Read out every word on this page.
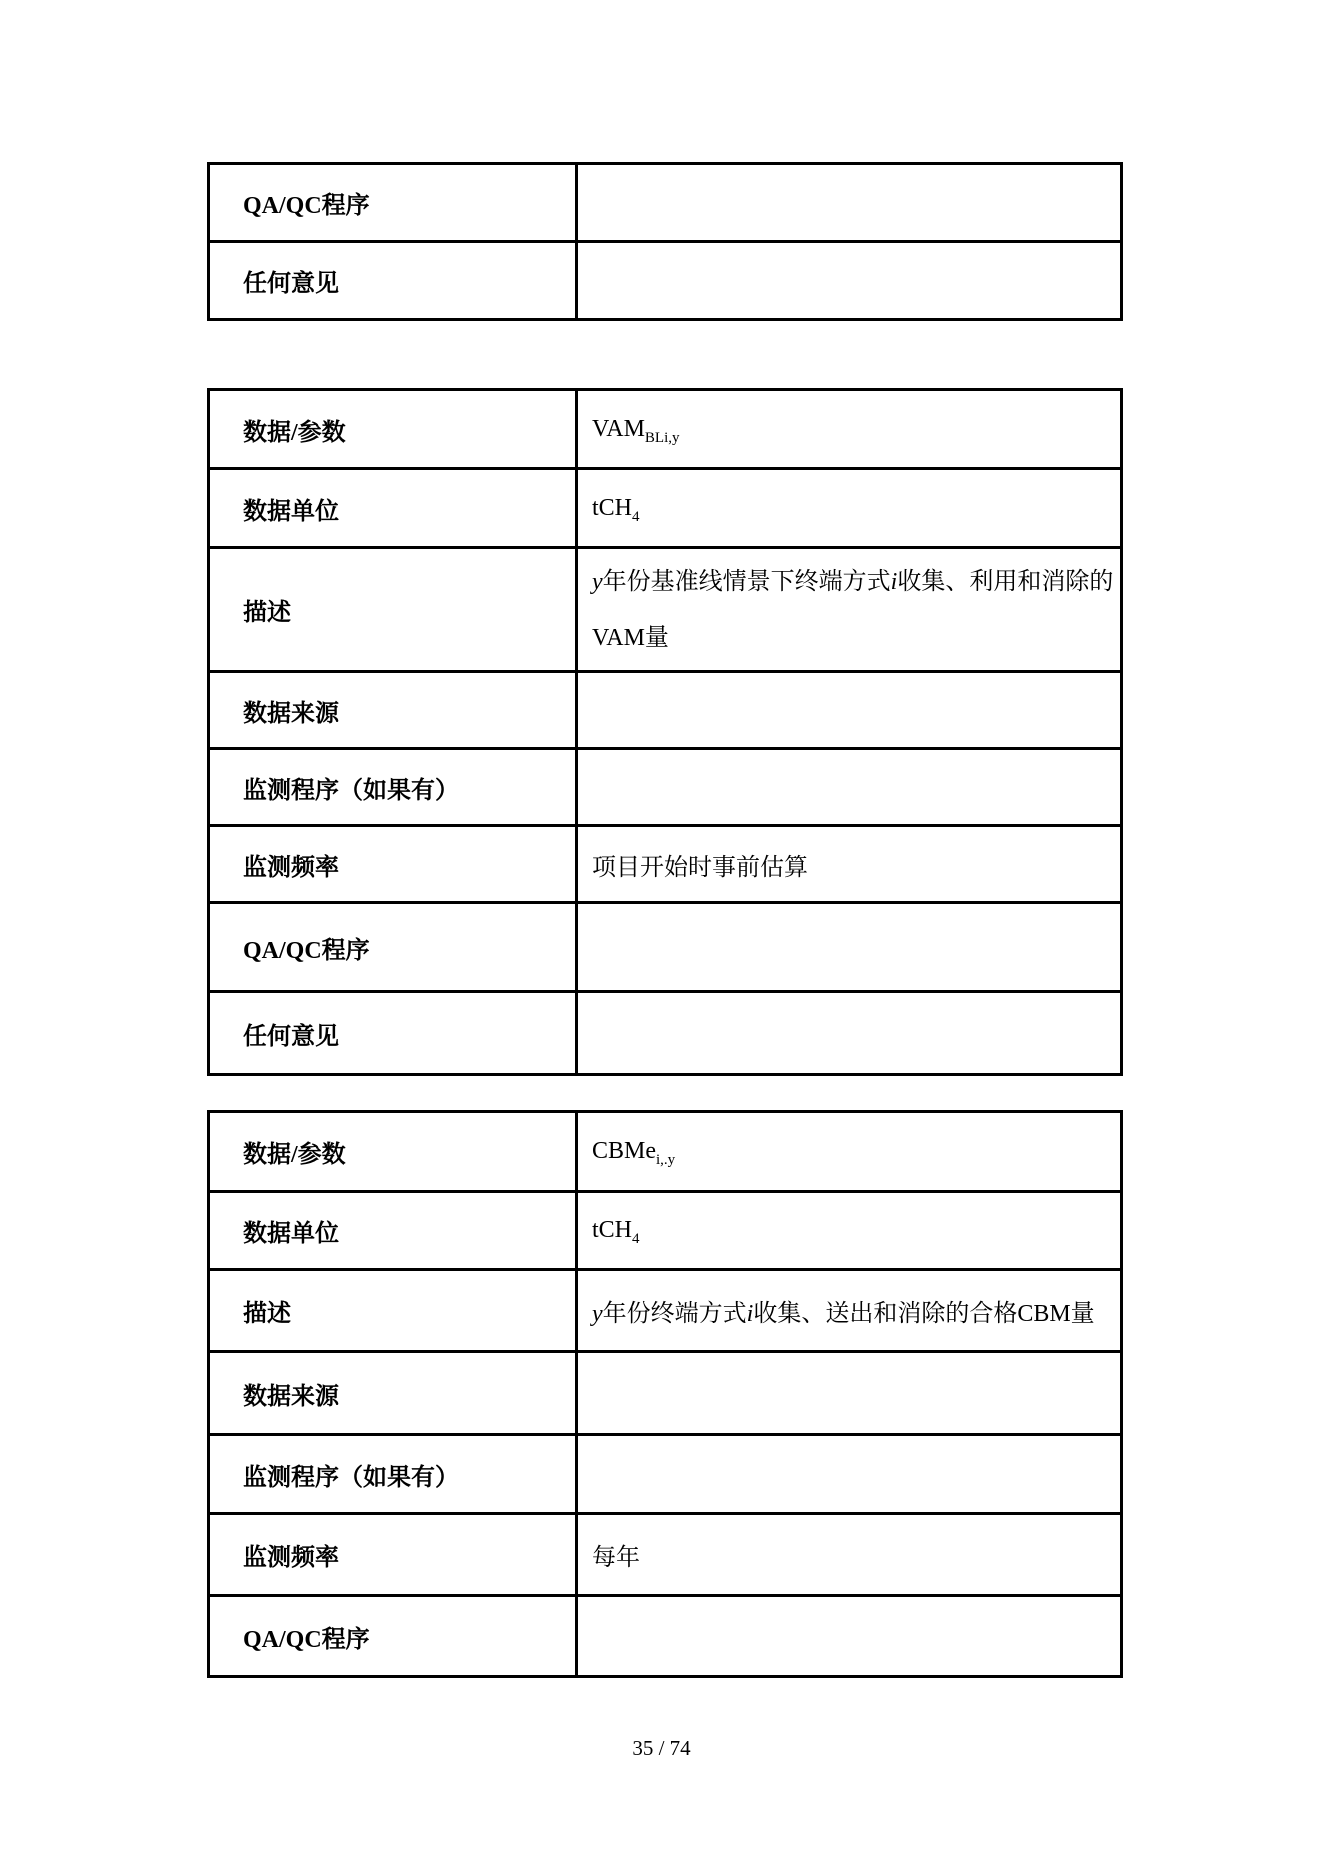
QA/QC程序	
任何意见	
数据/参数	$VAM_{BLi,y}$
数据单位	tCH$_4$
描述	y年份基准线情景下终端方式i收集、利用和消除的
VAM量
数据来源	
监测程序（如果有）	
监测频率	项目开始时事前估算
QA/QC程序	
任何意见	
数据/参数	CBMe$_{i,.y}$
数据单位	tCH$_4$
描述	y年份终端方式i收集、送出和消除的合格CBM量
数据来源	
监测程序（如果有）	
监测频率	每年
QA/QC程序	
35 / 74
